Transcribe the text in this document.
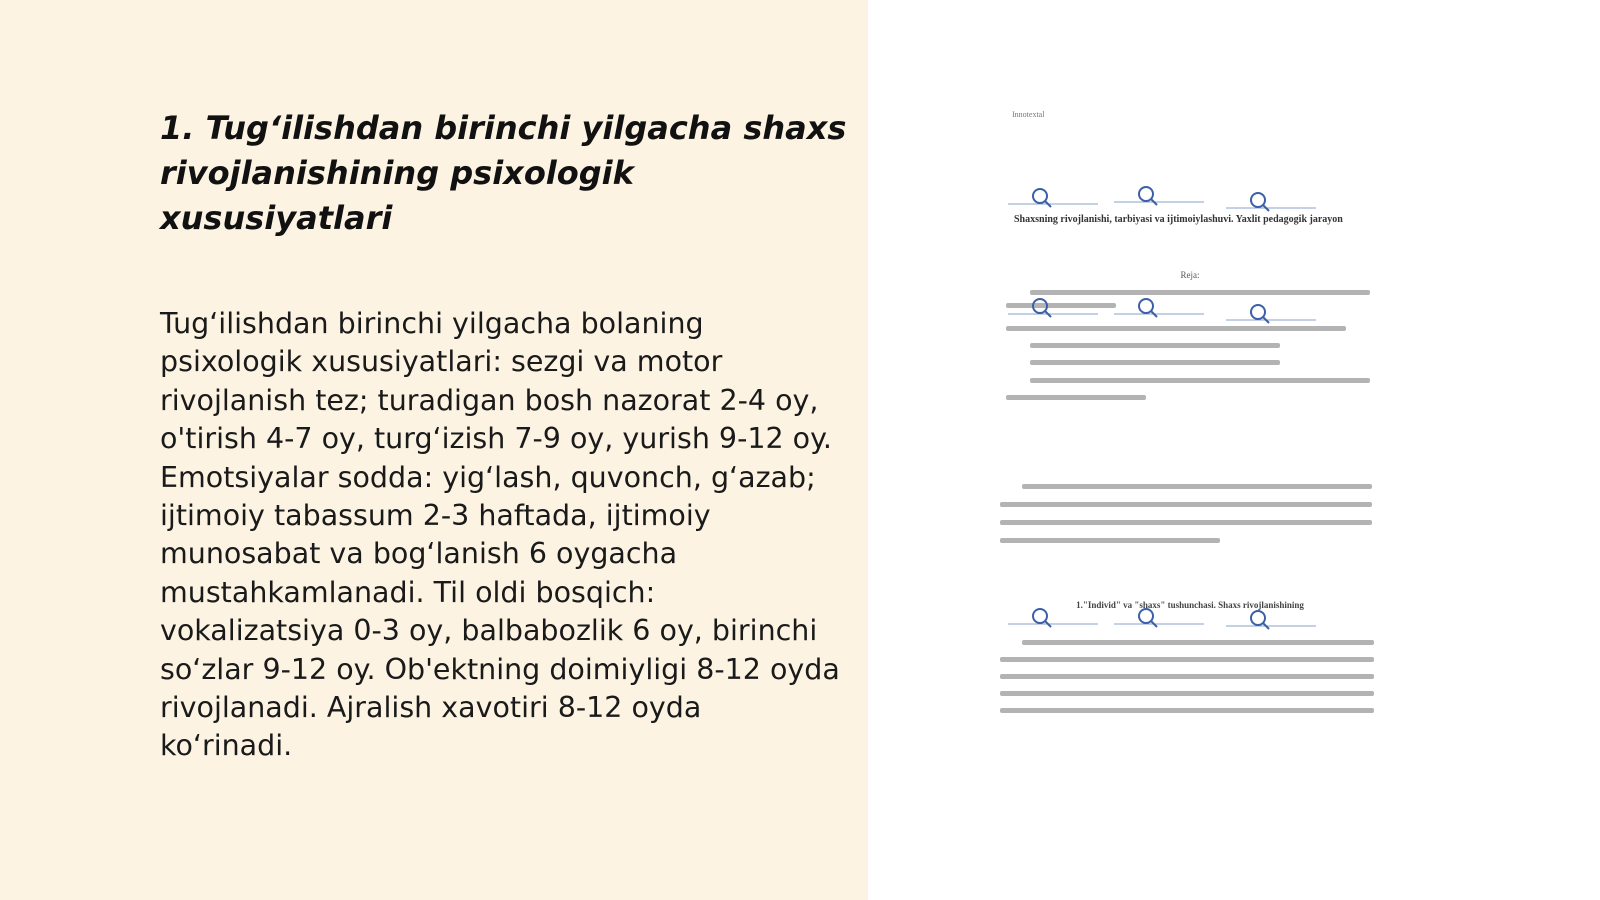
1. Tug‘ilishdan birinchi yilgacha shaxs rivojlanishining psixologik xususiyatlari

Tug‘ilishdan birinchi yilgacha bolaning psixologik xususiyatlari: sezgi va motor rivojlanish tez; turadigan bosh nazorat 2-4 oy, o'tirish 4-7 oy, turg‘izish 7-9 oy, yurish 9-12 oy. Emotsiyalar sodda: yig‘lash, quvonch, g‘azab; ijtimoiy tabassum 2-3 haftada, ijtimoiy munosabat va bog‘lanish 6 oygacha mustahkamlanadi. Til oldi bosqich: vokalizatsiya 0-3 oy, balbabozlik 6 oy, birinchi so‘zlar 9-12 oy. Ob'ektning doimiyligi 8-12 oyda rivojlanadi. Ajralish xavotiri 8-12 oyda ko‘rinadi.

Innotextal
Shaxsning rivojlanishi, tarbiyasi va ijtimoiylashuvi. Yaxlit pedagogik jarayon
Reja:
1."Individ" va "shaxs" tushunchasi. Shaxs rivojlanishining
